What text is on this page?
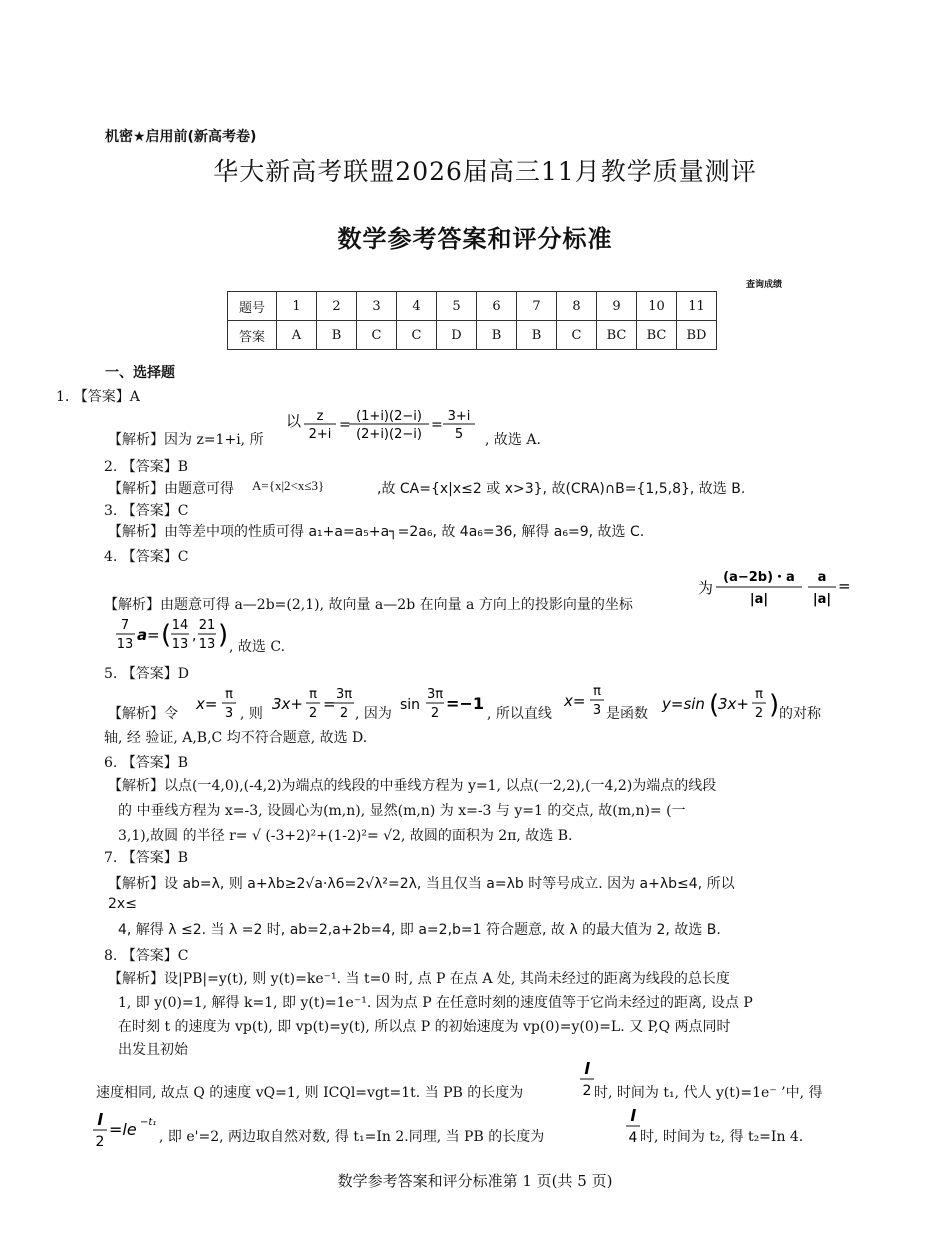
机密★启用前(新高考卷)
华大新高考联盟2026届高三11月教学质量测评
数学参考答案和评分标准
查询成绩
题号	1	2	3	4	5	6	7	8	9	10	11
答案	A	B	C	C	D	B	B	C	BC	BC	BD
一、选择题
1. 【答案】A
【解析】因为 z=1+i, 所
以 z
2+i
=
(1+i)(2−i)
(2+i)(2−i)
=
3+i
5 , 故选 A.
2. 【答案】B
【解析】由题意可得 A={x|2<x≤3}	,故 CA={x|x≤2 或 x>3}, 故(CRA)∩B={1,5,8}, 故选 B.
3. 【答案】C
【解析】由等差中项的性质可得 a₁+a=a₅+a┐=2a₆, 故 4a₆=36, 解得 a₆=9, 故选 C.
4. 【答案】C
【解析】由题意可得 a—2b=(2,1), 故向量 a—2b 在向量 a 方向上的投影向量的坐标
为
(a−2b)・a
|a|
a
|a|
=
7
13
a = ( 14
13
,
21
13 ) , 故选 C.
5. 【答案】D
【解析】令
x=
π
3 , 则
3x+
π
2
=
3π
2 , 因为
sin
3π
2
=−1
, 所以直线
x=
π
3 是函数
y=sin (
3x+
π
2 ) 的对称
轴, 经 验证, A,B,C 均不符合题意, 故选 D.
6. 【答案】B
【解析】以点(一4,0),(-4,2)为端点的线段的中垂线方程为 y=1, 以点(一2,2),(一4,2)为端点的线段
的 中垂线方程为 x=-3, 设圆心为(m,n), 显然(m,n) 为 x=-3 与 y=1 的交点, 故(m,n)= (一
3,1),故圆 的半径 r= √ (-3+2)²+(1-2)²= √2, 故圆的面积为 2π, 故选 B.
7. 【答案】B
【解析】设 ab=λ, 则 a+λb≥2√a·λ6=2√λ²=2λ, 当且仅当 a=λb 时等号成立. 因为 a+λb≤4, 所以
2x≤
4, 解得 λ ≤2. 当 λ =2 时, ab=2,a+2b=4, 即 a=2,b=1 符合题意, 故 λ 的最大值为 2, 故选 B.
8. 【答案】C
【解析】设|PB|=y(t), 则 y(t)=ke⁻¹. 当 t=0 时, 点 P 在点 A 处, 其尚未经过的距离为线段的总长度
1, 即 y(0)=1, 解得 k=1, 即 y(t)=1e⁻¹. 因为点 P 在任意时刻的速度值等于它尚未经过的距离, 设点 P
在时刻 t 的速度为 vp(t), 即 vp(t)=y(t), 所以点 P 的初始速度为 vp(0)=y(0)=L. 又 P,Q 两点同时
出发且初始
速度相同, 故点 Q 的速度 vQ=1, 则 ICQl=vgt=1t. 当 PB 的长度为
l
2 时, 时间为 t₁, 代人 y(t)=1e⁻ ’中, 得
l
2
=le −t₁
, 即 e'=2, 两边取自然对数, 得 t₁=In 2.同理, 当 PB 的长度为
l
4 时, 时间为 t₂, 得 t₂=In 4.
数学参考答案和评分标准第 1 页(共 5 页)
